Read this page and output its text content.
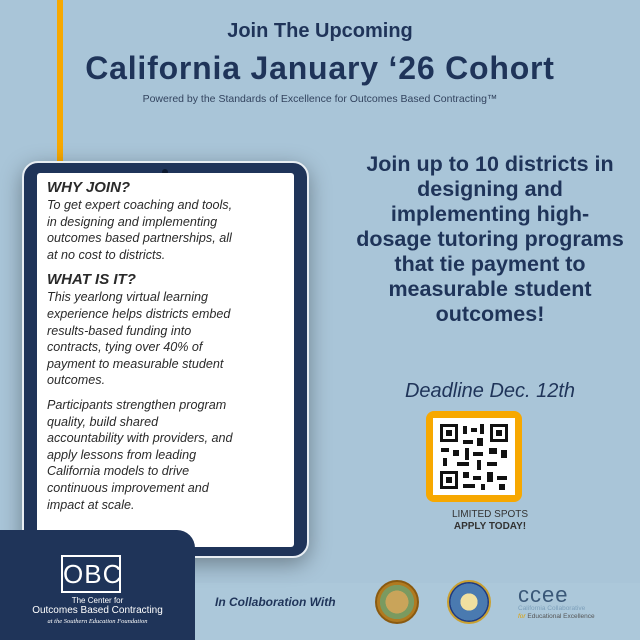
Join The Upcoming
California January ‘26 Cohort
Powered by the Standards of Excellence for Outcomes Based Contracting™
WHY JOIN?

To get expert coaching and tools,
in designing and implementing
outcomes based partnerships, all
at no cost to districts.

WHAT IS IT?

This yearlong virtual learning
experience helps districts embed
results-based funding into
contracts, tying over 40% of
payment to measurable student
outcomes.

Participants strengthen program
quality, build shared
accountability with providers, and
apply lessons from leading
California models to drive
continuous improvement and
impact at scale.

Join up to 10 districts in
designing and
implementing high-
dosage tutoring programs
that tie payment to
measurable student
outcomes!
Deadline Dec. 12th
LIMITED SPOTS
APPLY TODAY!
OBC
The Center for
Outcomes Based Contracting
at the Southern Education Foundation
In Collaboration With	ccee
California Collaborative
for Educational Excellence
